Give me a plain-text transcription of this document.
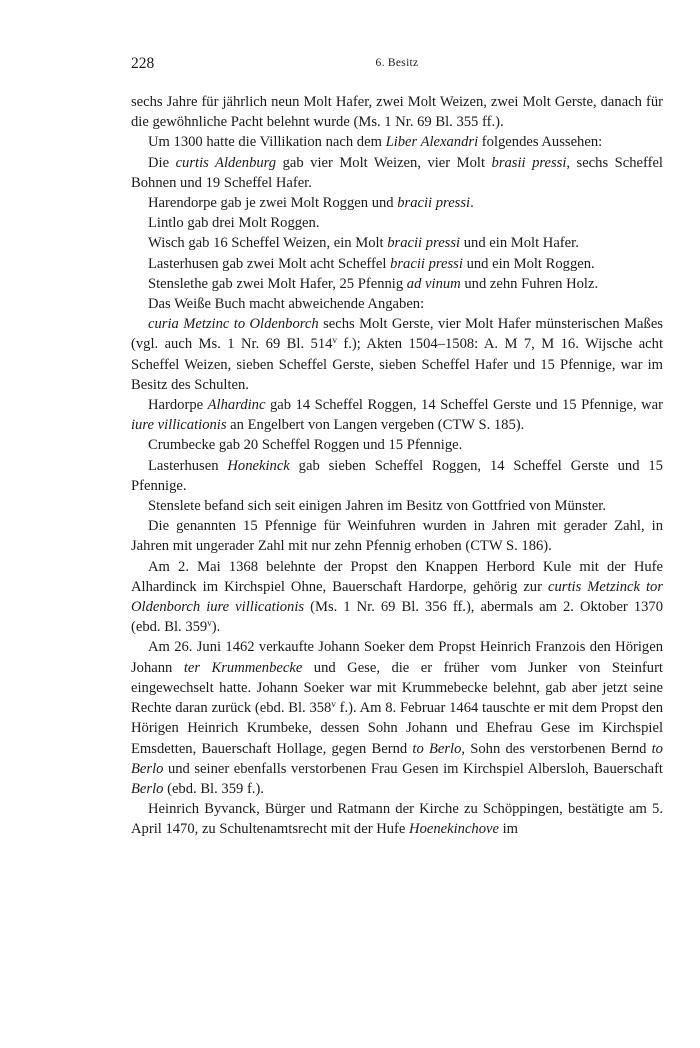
228	6. Besitz

sechs Jahre für jährlich neun Molt Hafer, zwei Molt Weizen, zwei Molt Gerste, danach für die gewöhnliche Pacht belehnt wurde (Ms. 1 Nr. 69 Bl. 355 ff.).

Um 1300 hatte die Villikation nach dem Liber Alexandri folgendes Aussehen:

Die curtis Aldenburg gab vier Molt Weizen, vier Molt brasii pressi, sechs Scheffel Bohnen und 19 Scheffel Hafer.

Harendorpe gab je zwei Molt Roggen und bracii pressi.

Lintlo gab drei Molt Roggen.

Wisch gab 16 Scheffel Weizen, ein Molt bracii pressi und ein Molt Hafer.

Lasterhusen gab zwei Molt acht Scheffel bracii pressi und ein Molt Roggen.

Stenslethe gab zwei Molt Hafer, 25 Pfennig ad vinum und zehn Fuhren Holz.

Das Weiße Buch macht abweichende Angaben:

curia Metzinc to Oldenborch sechs Molt Gerste, vier Molt Hafer münsterischen Maßes (vgl. auch Ms. 1 Nr. 69 Bl. 514$^v$ f.); Akten 1504–1508: A. M 7, M 16. Wijsche acht Scheffel Weizen, sieben Scheffel Gerste, sieben Scheffel Hafer und 15 Pfennige, war im Besitz des Schulten.

Hardorpe Alhardinc gab 14 Scheffel Roggen, 14 Scheffel Gerste und 15 Pfennige, war iure villicationis an Engelbert von Langen vergeben (CTW S. 185).

Crumbecke gab 20 Scheffel Roggen und 15 Pfennige.

Lasterhusen Honekinck gab sieben Scheffel Roggen, 14 Scheffel Gerste und 15 Pfennige.

Stenslete befand sich seit einigen Jahren im Besitz von Gottfried von Münster.

Die genannten 15 Pfennige für Weinfuhren wurden in Jahren mit gerader Zahl, in Jahren mit ungerader Zahl mit nur zehn Pfennig erhoben (CTW S. 186).

Am 2. Mai 1368 belehnte der Propst den Knappen Herbord Kule mit der Hufe Alhardinck im Kirchspiel Ohne, Bauerschaft Hardorpe, gehörig zur curtis Metzinck tor Oldenborch iure villicationis (Ms. 1 Nr. 69 Bl. 356 ff.), abermals am 2. Oktober 1370 (ebd. Bl. 359$^v$).

Am 26. Juni 1462 verkaufte Johann Soeker dem Propst Heinrich Franzois den Hörigen Johann ter Krummenbecke und Gese, die er früher vom Junker von Steinfurt eingewechselt hatte. Johann Soeker war mit Krummebecke belehnt, gab aber jetzt seine Rechte daran zurück (ebd. Bl. 358$^v$ f.). Am 8. Februar 1464 tauschte er mit dem Propst den Hörigen Heinrich Krumbeke, dessen Sohn Johann und Ehefrau Gese im Kirchspiel Emsdetten, Bauerschaft Hollage, gegen Bernd to Berlo, Sohn des verstorbenen Bernd to Berlo und seiner ebenfalls verstorbenen Frau Gesen im Kirchspiel Albersloh, Bauerschaft Berlo (ebd. Bl. 359 f.).

Heinrich Byvanck, Bürger und Ratmann der Kirche zu Schöppingen, bestätigte am 5. April 1470, zu Schultenamtsrecht mit der Hufe Hoenekinchove im
